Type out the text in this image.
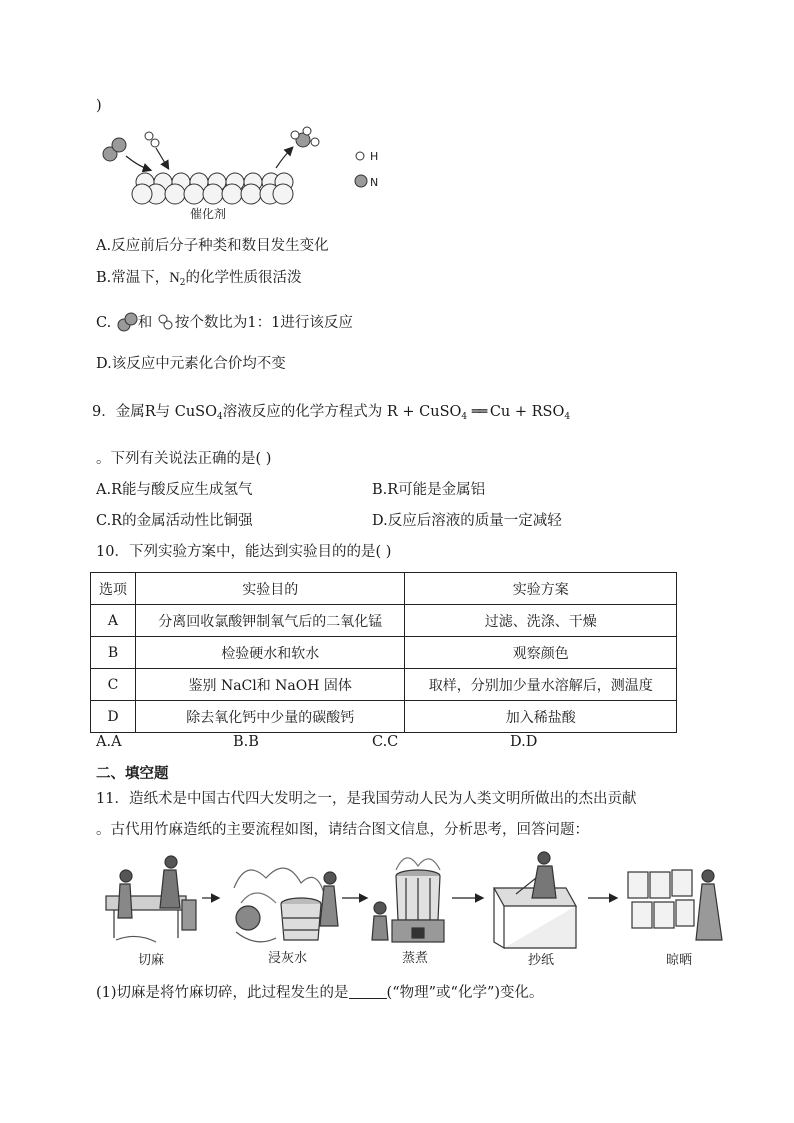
)
催化剂
H
N
A.反应前后分子种类和数目发生变化
B.常温下，$N_2$的化学性质很活泼
C. 和 按个数比为1：1进行该反应
D.该反应中元素化合价均不变
9．金属R与 CuSO$_4$溶液反应的化学方程式为 R + CuSO$_4$ ══ $Cu + RSO_4$
。下列有关说法正确的是( )
A.R能与酸反应生成氢气	B.R可能是金属铝
C.R的金属活动性比铜强	D.反应后溶液的质量一定减轻
10．下列实验方案中，能达到实验目的的是( )
选项	实验目的	实验方案
A	分离回收氯酸钾制氧气后的二氧化锰	过滤、洗涤、干燥
B	检验硬水和软水	观察颜色
C	鉴别 NaCl和 NaOH 固体	取样，分别加少量水溶解后，测温度
D	除去氧化钙中少量的碳酸钙	加入稀盐酸
A.A	B.B	C.C	D.D
二、填空题
11．造纸术是中国古代四大发明之一，是我国劳动人民为人类文明所做出的杰出贡献
。古代用竹麻造纸的主要流程如图，请结合图文信息，分析思考，回答问题：
切麻	浸灰水	蒸煮	抄纸	晾晒
(1)切麻是将竹麻切碎，此过程发生的是	(“物理”或“化学”)变化。
